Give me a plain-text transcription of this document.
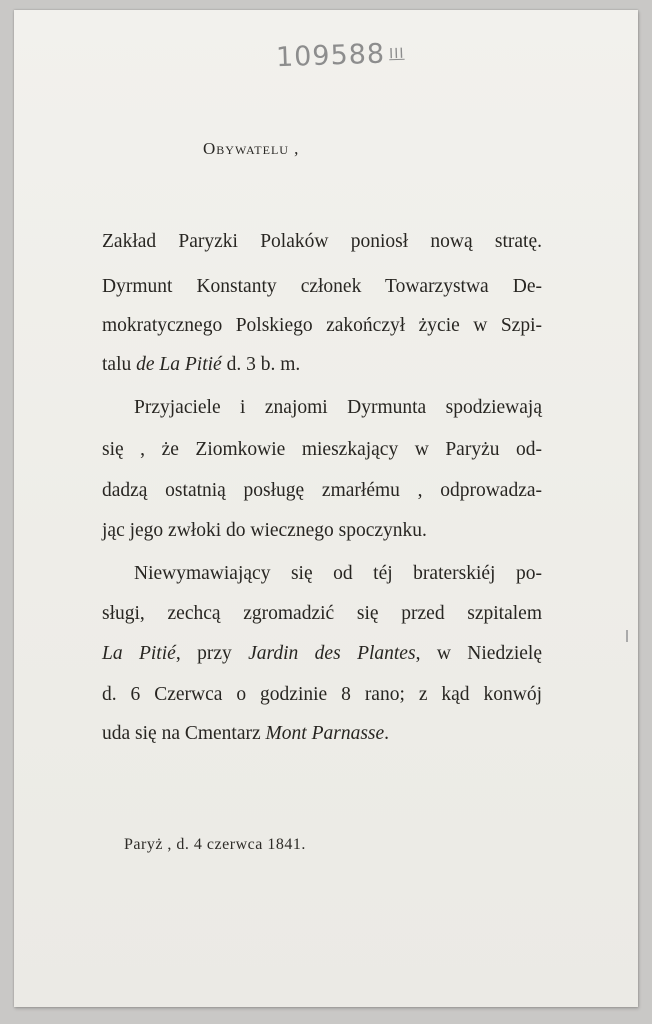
109588 III
Obywatelu ,
Zakład Paryzki Polaków poniosł nową stratę.
Dyrmunt Konstanty członek Towarzystwa De-
mokratycznego Polskiego zakończył życie w Szpi-
talu de La Pitié d. 3 b. m.
Przyjaciele i znajomi Dyrmunta spodziewają
się , że Ziomkowie mieszkający w Paryżu od-
dadzą ostatnią posługę zmarłému , odprowadza-
jąc jego zwłoki do wiecznego spoczynku.
Niewymawiający się od téj braterskiéj po-
sługi, zechcą zgromadzić się przed szpitalem
La Pitié, przy Jardin des Plantes, w Niedzielę
d. 6 Czerwca o godzinie 8 rano; z kąd konwój
uda się na Cmentarz Mont Parnasse.
Paryż , d. 4 czerwca 1841.
